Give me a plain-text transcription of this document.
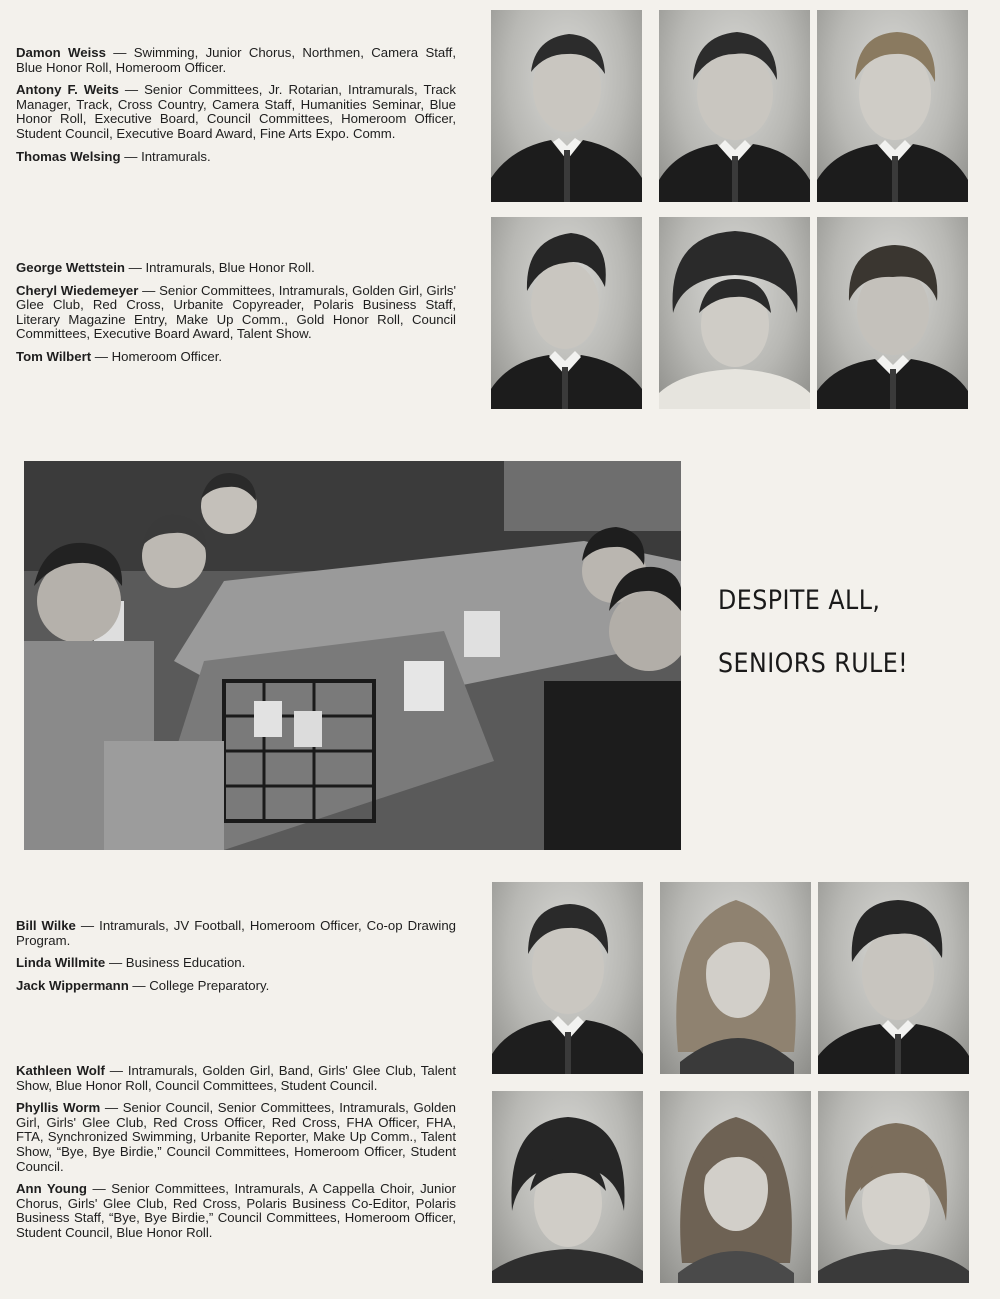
Damon Weiss — Swimming, Junior Chorus, Northmen, Camera Staff, Blue Honor Roll, Homeroom Officer.

Antony F. Weits — Senior Committees, Jr. Rotarian, Intramurals, Track Manager, Track, Cross Country, Camera Staff, Humanities Seminar, Blue Honor Roll, Executive Board, Council Committees, Homeroom Officer, Student Council, Executive Board Award, Fine Arts Expo. Comm.

Thomas Welsing — Intramurals.

George Wettstein — Intramurals, Blue Honor Roll.

Cheryl Wiedemeyer — Senior Committees, Intramurals, Golden Girl, Girls' Glee Club, Red Cross, Urbanite Copyreader, Polaris Business Staff, Literary Magazine Entry, Make Up Comm., Gold Honor Roll, Council Committees, Executive Board Award, Talent Show.

Tom Wilbert — Homeroom Officer.

Bill Wilke — Intramurals, JV Football, Homeroom Officer, Co-op Drawing Program.

Linda Willmite — Business Education.

Jack Wippermann — College Preparatory.

Kathleen Wolf — Intramurals, Golden Girl, Band, Girls' Glee Club, Talent Show, Blue Honor Roll, Council Committees, Student Council.

Phyllis Worm — Senior Council, Senior Committees, Intramurals, Golden Girl, Girls' Glee Club, Red Cross Officer, Red Cross, FHA Officer, FHA, FTA, Synchronized Swimming, Urbanite Reporter, Make Up Comm., Talent Show, “Bye, Bye Birdie,” Council Committees, Homeroom Officer, Student Council.

Ann Young — Senior Committees, Intramurals, A Cappella Choir, Junior Chorus, Girls' Glee Club, Red Cross, Polaris Business Co-Editor, Polaris Business Staff, “Bye, Bye Birdie,” Council Committees, Homeroom Officer, Student Council, Blue Honor Roll.

DESPITE ALL,
SENIORS RULE!
